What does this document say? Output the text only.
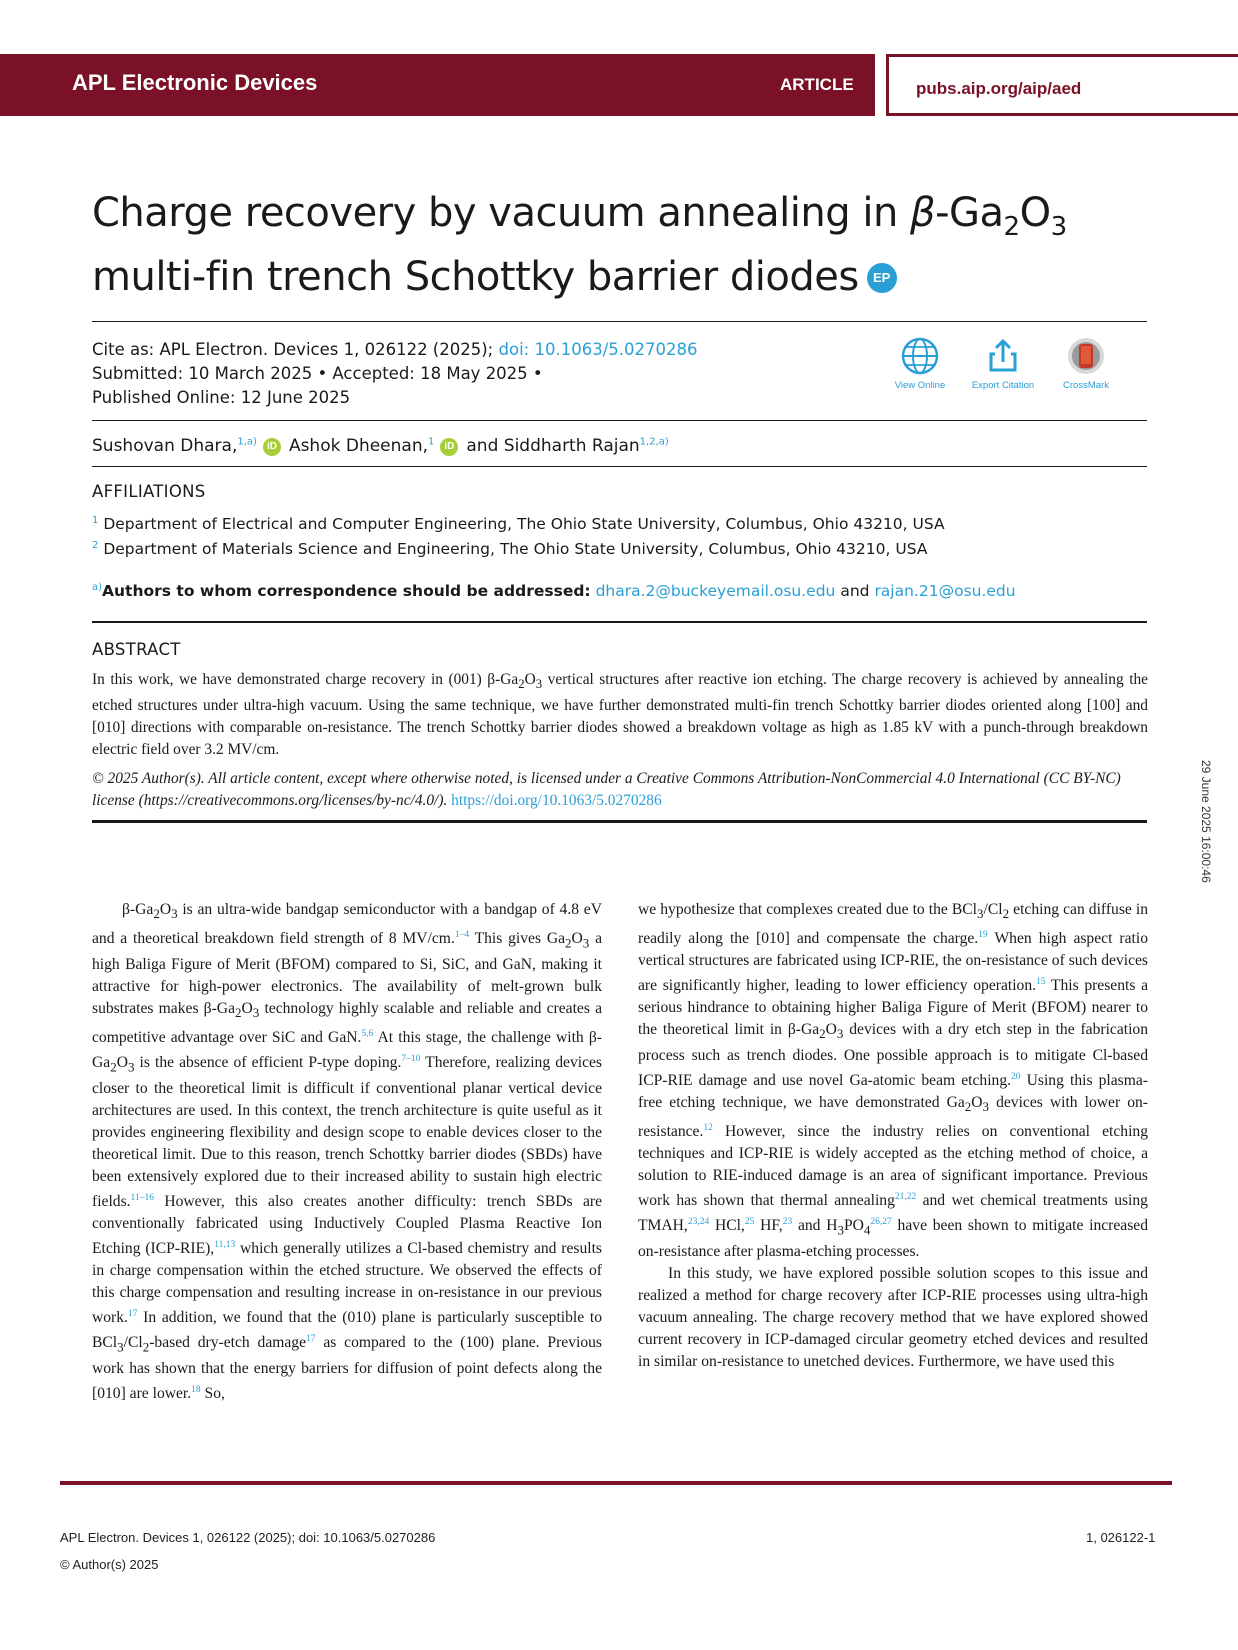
APL Electronic Devices	ARTICLE	pubs.aip.org/aip/aed
Charge recovery by vacuum annealing in $\beta-Ga_2O_3$
multi-fin trench Schottky barrier diodes EP
Cite as: APL Electron. Devices 1, 026122 (2025); doi: 10.1063/5.0270286
Submitted: 10 March 2025 • Accepted: 18 May 2025 •
Published Online: 12 June 2025
View Online	Export Citation	CrossMark
Sushovan Dhara,$^{1,a)}$ iD Ashok Dheenan,$^1$ iD and Siddharth Rajan$^{1,2,a)}$
AFFILIATIONS
$^1$ Department of Electrical and Computer Engineering, The Ohio State University, Columbus, Ohio 43210, USA
$^2$ Department of Materials Science and Engineering, The Ohio State University, Columbus, Ohio 43210, USA
$^{a)}$Authors to whom correspondence should be addressed: dhara.2@buckeyemail.osu.edu and rajan.21@osu.edu
ABSTRACT

In this work, we have demonstrated charge recovery in (001) $\beta-Ga_2O_3$ vertical structures after reactive ion etching. The charge recovery is achieved by annealing the etched structures under ultra-high vacuum. Using the same technique, we have further demonstrated multi-fin trench Schottky barrier diodes oriented along [100] and [010] directions with comparable on-resistance. The trench Schottky barrier diodes showed a breakdown voltage as high as 1.85 kV with a punch-through breakdown electric field over 3.2 MV/cm.

© 2025 Author(s). All article content, except where otherwise noted, is licensed under a Creative Commons Attribution-NonCommercial 4.0 International (CC BY-NC) license (https://creativecommons.org/licenses/by-nc/4.0/). https://doi.org/10.1063/5.0270286	29 June 2025 16:00:46

$\beta-Ga_2O_3$ is an ultra-wide bandgap semiconductor with a bandgap of 4.8 eV and a theoretical breakdown field strength of 8 MV/cm.$^{1-4}$ This gives $Ga_2O_3$ a high Baliga Figure of Merit (BFOM) compared to Si, SiC, and GaN, making it attractive for high-power electronics. The availability of melt-grown bulk substrates makes $\beta-Ga_2O_3$ technology highly scalable and reliable and creates a competitive advantage over SiC and GaN.$^{5,6}$ At this stage, the challenge with $\beta-Ga_2O_3$ is the absence of efficient P-type doping.$^{7-10}$ Therefore, realizing devices closer to the theoretical limit is difficult if conventional planar vertical device architectures are used. In this context, the trench architecture is quite useful as it provides engineering flexibility and design scope to enable devices closer to the theoretical limit. Due to this reason, trench Schottky barrier diodes (SBDs) have been extensively explored due to their increased ability to sustain high electric fields.$^{11-16}$ However, this also creates another difficulty: trench SBDs are conventionally fabricated using Inductively Coupled Plasma Reactive Ion Etching (ICP-RIE),$^{11,13}$ which generally utilizes a Cl-based chemistry and results in charge compensation within the etched structure. We observed the effects of this charge compensation and resulting increase in on-resistance in our previous work.$^{17}$ In addition, we found that the (010) plane is particularly susceptible to $BCl_3/Cl_2$-based dry-etch damage$^{17}$ as compared to the (100) plane. Previous work has shown that the energy barriers for diffusion of point defects along the [010] are lower.$^{18}$ So,

we hypothesize that complexes created due to the $BCl_3/Cl_2$ etching can diffuse in readily along the [010] and compensate the charge.$^{19}$ When high aspect ratio vertical structures are fabricated using ICP-RIE, the on-resistance of such devices are significantly higher, leading to lower efficiency operation.$^{15}$ This presents a serious hindrance to obtaining higher Baliga Figure of Merit (BFOM) nearer to the theoretical limit in $\beta-Ga_2O_3$ devices with a dry etch step in the fabrication process such as trench diodes. One possible approach is to mitigate Cl-based ICP-RIE damage and use novel Ga-atomic beam etching.$^{20}$ Using this plasma-free etching technique, we have demonstrated $Ga_2O_3$ devices with lower on-resistance.$^{12}$ However, since the industry relies on conventional etching techniques and ICP-RIE is widely accepted as the etching method of choice, a solution to RIE-induced damage is an area of significant importance. Previous work has shown that thermal annealing$^{21,22}$ and wet chemical treatments using TMAH,$^{23,24}$ HCl,$^{25}$ HF,$^{23}$ and $H_3PO_4^{26,27}$ have been shown to mitigate increased on-resistance after plasma-etching processes.

In this study, we have explored possible solution scopes to this issue and realized a method for charge recovery after ICP-RIE processes using ultra-high vacuum annealing. The charge recovery method that we have explored showed current recovery in ICP-damaged circular geometry etched devices and resulted in similar on-resistance to unetched devices. Furthermore, we have used this

APL Electron. Devices 1, 026122 (2025); doi: 10.1063/5.0270286
© Author(s) 2025
1, 026122-1
